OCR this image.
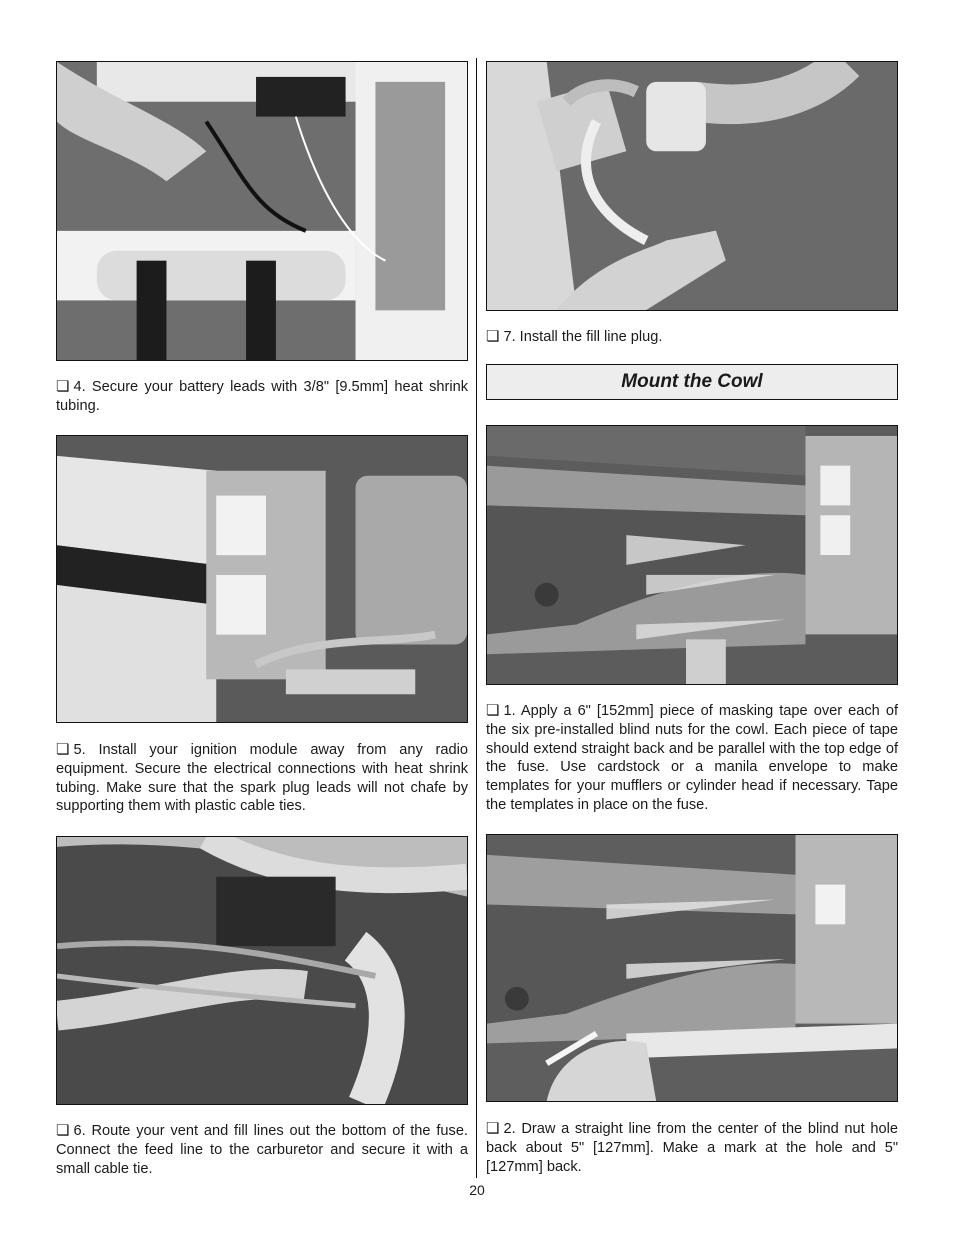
❏ 4. Secure your battery leads with 3/8" [9.5mm] heat shrink tubing.

❏ 5. Install your ignition module away from any radio equipment. Secure the electrical connections with heat shrink tubing. Make sure that the spark plug leads will not chafe by supporting them with plastic cable ties.

❏ 6. Route your vent and fill lines out the bottom of the fuse. Connect the feed line to the carburetor and secure it with a small cable tie.

❏ 7. Install the fill line plug.

Mount the Cowl

❏ 1. Apply a 6" [152mm] piece of masking tape over each of the six pre-installed blind nuts for the cowl. Each piece of tape should extend straight back and be parallel with the top edge of the fuse. Use cardstock or a manila envelope to make templates for your mufflers or cylinder head if necessary. Tape the templates in place on the fuse.

❏ 2. Draw a straight line from the center of the blind nut hole back about 5" [127mm]. Make a mark at the hole and 5" [127mm] back.

20
